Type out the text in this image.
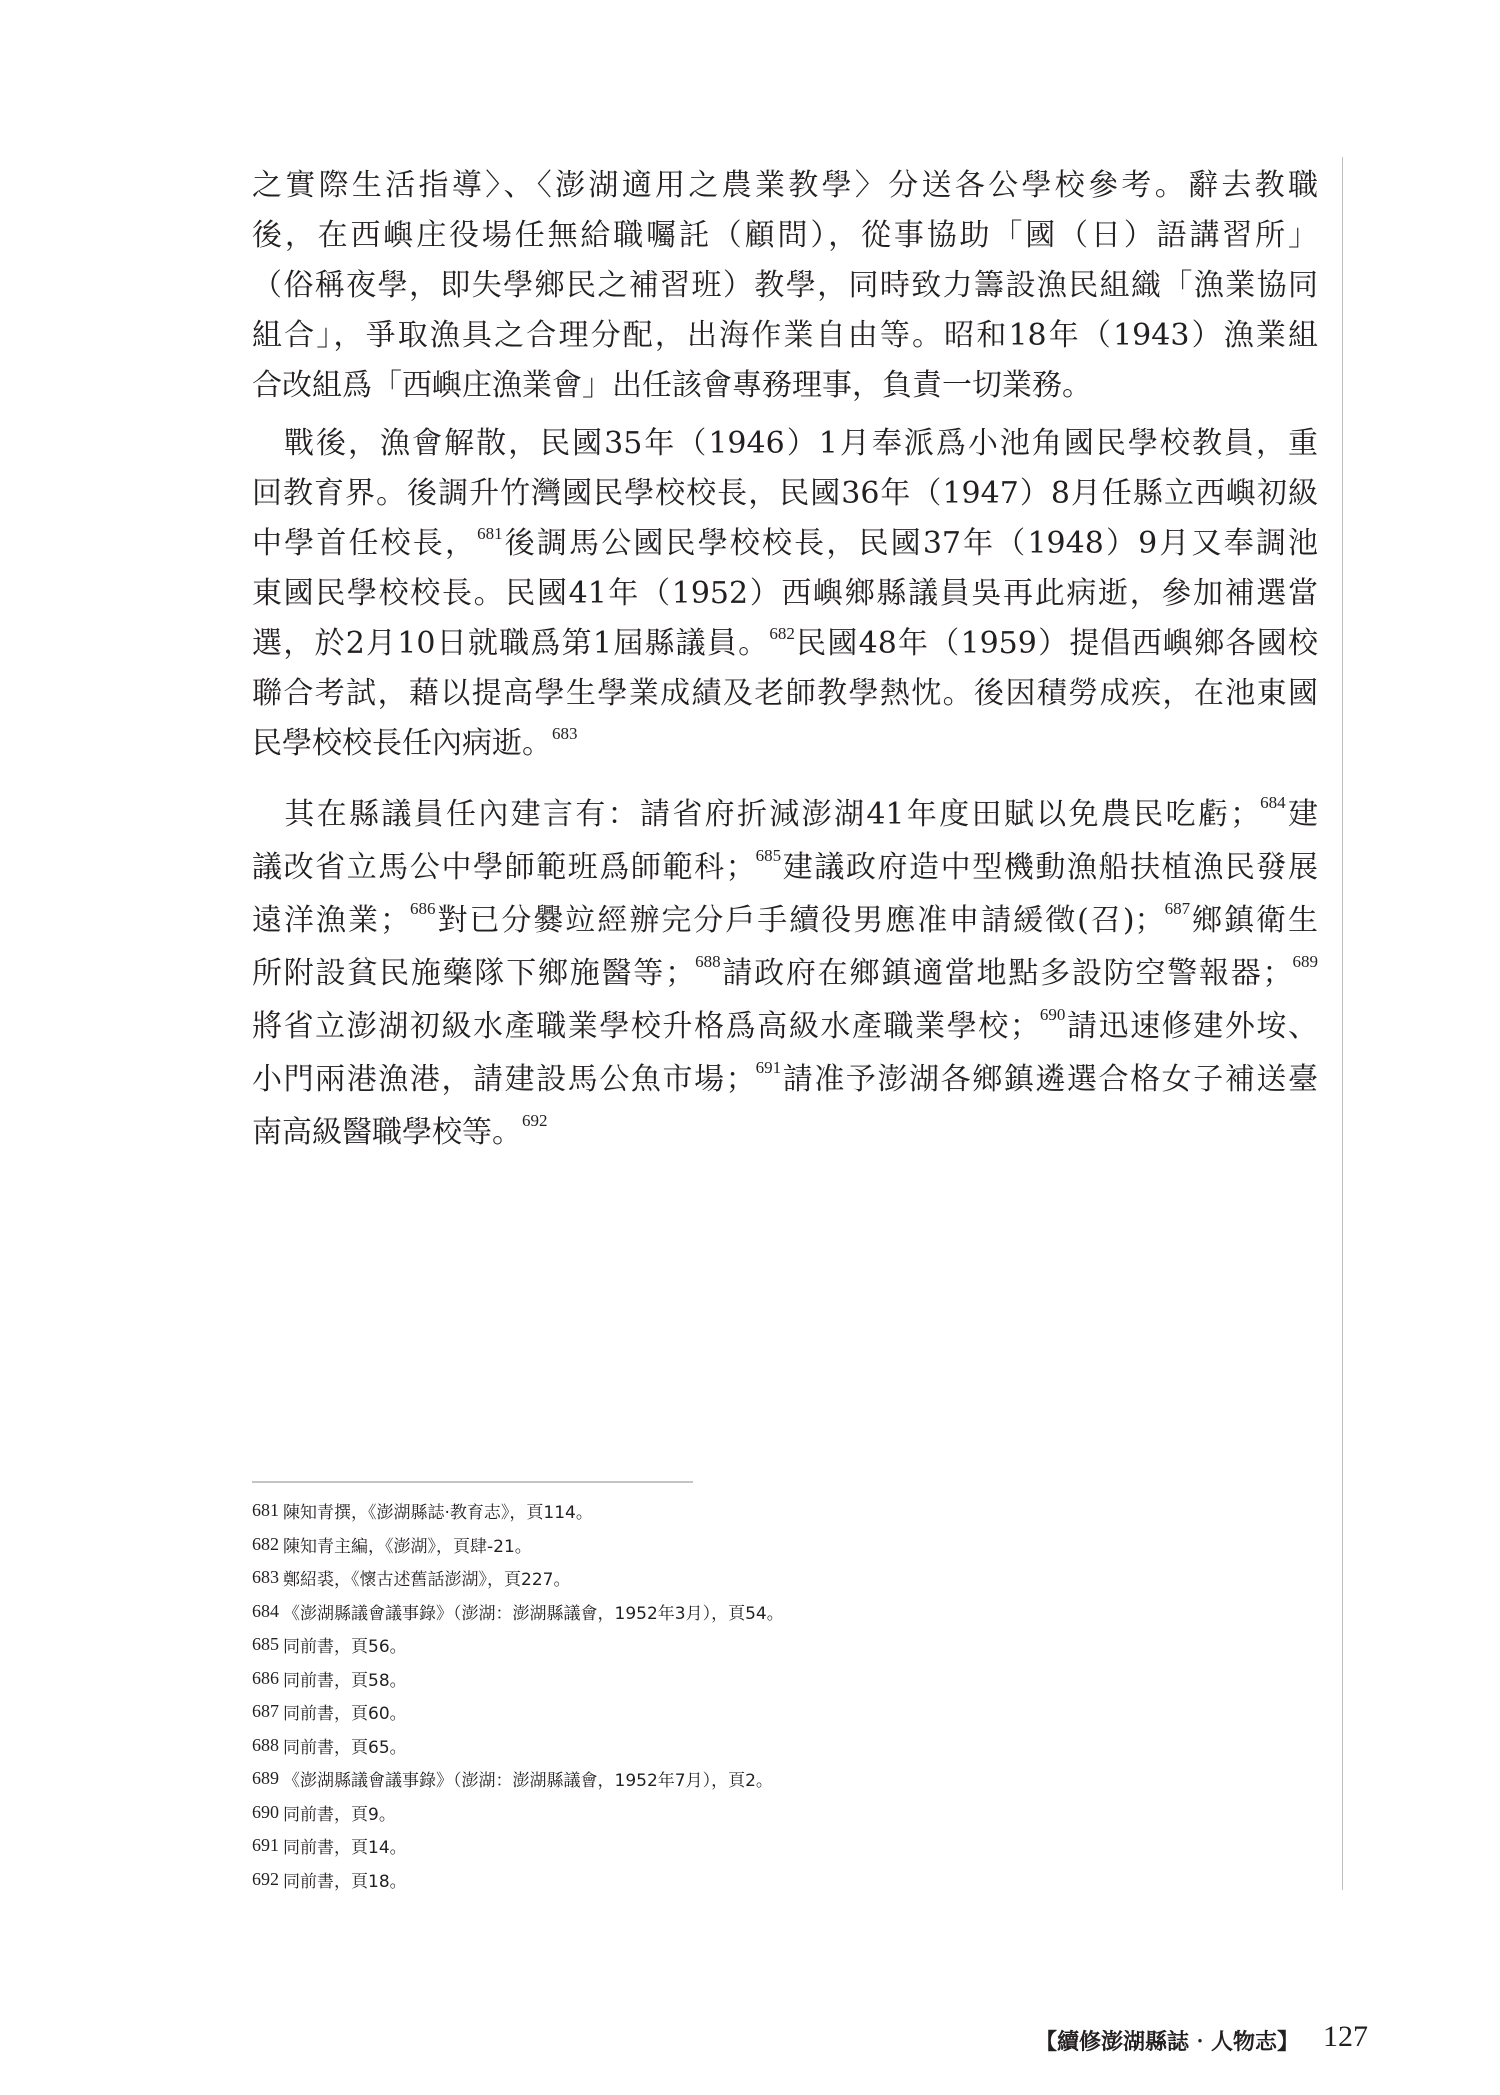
之實際生活指導〉、〈澎湖適用之農業教學〉分送各公學校參考。辭去教職
後，在西嶼庄役場任無給職囑託（顧問），從事協助「國（日）語講習所」
（俗稱夜學，即失學鄉民之補習班）教學，同時致力籌設漁民組織「漁業協同
組合」，爭取漁具之合理分配，出海作業自由等。昭和18年（1943）漁業組
合改組爲「西嶼庄漁業會」出任該會專務理事，負責一切業務。
　戰後，漁會解散，民國35年（1946）1月奉派爲小池角國民學校教員，重
回教育界。後調升竹灣國民學校校長，民國36年（1947）8月任縣立西嶼初級
中學首任校長，$^{681}$後調馬公國民學校校長，民國37年（1948）9月又奉調池
東國民學校校長。民國41年（1952）西嶼鄉縣議員吳再此病逝，參加補選當
選，於2月10日就職爲第1屆縣議員。$^{682}$民國48年（1959）提倡西嶼鄉各國校
聯合考試，藉以提高學生學業成績及老師教學熱忱。後因積勞成疾，在池東國
民學校校長任內病逝。$^{683}$
　其在縣議員任內建言有：請省府折減澎湖41年度田賦以免農民吃虧；$^{684}$建
議改省立馬公中學師範班爲師範科；$^{685}$建議政府造中型機動漁船扶植漁民發展
遠洋漁業；$^{686}$對已分爨竝經辦完分戶手續役男應准申請緩徵(召)；$^{687}$鄉鎮衛生
所附設貧民施藥隊下鄉施醫等；$^{688}$請政府在鄉鎮適當地點多設防空警報器；$^{689}$
將省立澎湖初級水產職業學校升格爲高級水產職業學校；$^{690}$請迅速修建外垵、
小門兩港漁港，請建設馬公魚市場；$^{691}$請准予澎湖各鄉鎮遴選合格女子補送臺
南高級醫職學校等。$^{692}$
681 陳知青撰，《澎湖縣誌‧教育志》，頁114。
682 陳知青主編，《澎湖》，頁肆-21。
683 鄭紹裘，《懷古述舊話澎湖》，頁227。
684 《澎湖縣議會議事錄》（澎湖：澎湖縣議會，1952年3月），頁54。
685 同前書，頁56。
686 同前書，頁58。
687 同前書，頁60。
688 同前書，頁65。
689 《澎湖縣議會議事錄》（澎湖：澎湖縣議會，1952年7月），頁2。
690 同前書，頁9。
691 同前書，頁14。
692 同前書，頁18。
【續修澎湖縣誌‧人物志】 127
